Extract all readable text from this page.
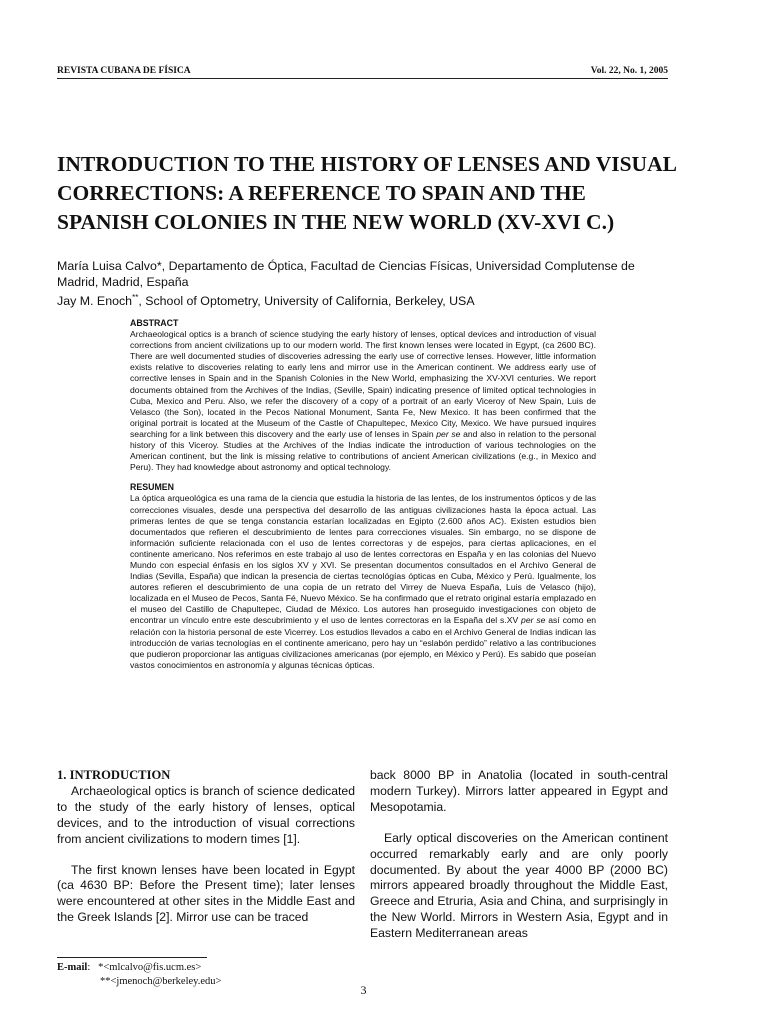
REVISTA CUBANA DE FÍSICA	Vol. 22, No. 1, 2005
INTRODUCTION TO THE HISTORY OF LENSES AND VISUAL CORRECTIONS: A REFERENCE TO SPAIN AND THE SPANISH COLONIES IN THE NEW WORLD (XV-XVI C.)

María Luisa Calvo*, Departamento de Óptica, Facultad de Ciencias Físicas, Universidad Complutense de Madrid, Madrid, España

Jay M. Enoch**, School of Optometry, University of California, Berkeley, USA

ABSTRACT

Archaeological optics is a branch of science studying the early history of lenses, optical devices and introduction of visual corrections from ancient civilizations up to our modern world. The first known lenses were located in Egypt, (ca 2600 BC). There are well documented studies of discoveries adressing the early use of corrective lenses. However, little information exists relative to discoveries relating to early lens and mirror use in the American continent. We address early use of corrective lenses in Spain and in the Spanish Colonies in the New World, emphasizing the XV-XVI centuries. We report documents obtained from the Archives of the Indias, (Seville, Spain) indicating presence of limited optical technologies in Cuba, Mexico and Peru. Also, we refer the discovery of a copy of a portrait of an early Viceroy of New Spain, Luis de Velasco (the Son), located in the Pecos National Monument, Santa Fe, New Mexico. It has been confirmed that the original portrait is located at the Museum of the Castle of Chapultepec, Mexico City, Mexico. We have pursued inquires searching for a link between this discovery and the early use of lenses in Spain per se and also in relation to the personal history of this Viceroy. Studies at the Archives of the Indias indicate the introduction of various technologies on the American continent, but the link is missing relative to contributions of ancient American civilizations (e.g., in Mexico and Peru). They had knowledge about astronomy and optical technology.

RESUMEN

La óptica arqueológica es una rama de la ciencia que estudia la historia de las lentes, de los instrumentos ópticos y de las correcciones visuales, desde una perspectiva del desarrollo de las antiguas civilizaciones hasta la época actual. Las primeras lentes de que se tenga constancia estarían localizadas en Egipto (2.600 años AC). Existen estudios bien documentados que refieren el descubrimiento de lentes para correcciones visuales. Sin embargo, no se dispone de información suficiente relacionada con el uso de lentes correctoras y de espejos, para ciertas aplicaciones, en el continente americano. Nos referimos en este trabajo al uso de lentes correctoras en España y en las colonias del Nuevo Mundo con especial énfasis en los siglos XV y XVI. Se presentan documentos consultados en el Archivo General de Indias (Sevilla, España) que indican la presencia de ciertas tecnológías ópticas en Cuba, México y Perú. Igualmente, los autores refieren el descubrimiento de una copia de un retrato del Virrey de Nueva España, Luis de Velasco (hijo), localizada en el Museo de Pecos, Santa Fé, Nuevo México. Se ha confirmado que el retrato original estaría emplazado en el museo del Castillo de Chapultepec, Ciudad de México. Los autores han proseguido investigaciones con objeto de encontrar un vínculo entre este descubrimiento y el uso de lentes correctoras en la España del s.XV per se así como en relación con la historia personal de este Vicerrey. Los estudios llevados a cabo en el Archivo General de Indias indican las introducción de varias tecnologías en el continente americano, pero hay un “eslabón perdido” relativo a las contribuciones que pudieron proporcionar las antiguas civilizaciones americanas (por ejemplo, en México y Perú). Es sabido que poseían vastos conocimientos en astronomía y algunas técnicas ópticas.

1. INTRODUCTION

Archaeological optics is branch of science dedicated to the study of the early history of lenses, optical devices, and to the introduction of visual corrections from ancient civilizations to modern times [1].

The first known lenses have been located in Egypt (ca 4630 BP: Before the Present time); later lenses were encountered at other sites in the Middle East and the Greek Islands [2]. Mirror use can be traced

back 8000 BP in Anatolia (located in south-central modern Turkey). Mirrors latter appeared in Egypt and Mesopotamia.

Early optical discoveries on the American continent occurred remarkably early and are only poorly documented. By about the year 4000 BP (2000 BC) mirrors appeared broadly throughout the Middle East, Greece and Etruria, Asia and China, and surprisingly in the New World. Mirrors in Western Asia, Egypt and in Eastern Mediterranean areas

E-mail:   *<mlcalvo@fis.ucm.es>
**<jmenoch@berkeley.edu>
3
